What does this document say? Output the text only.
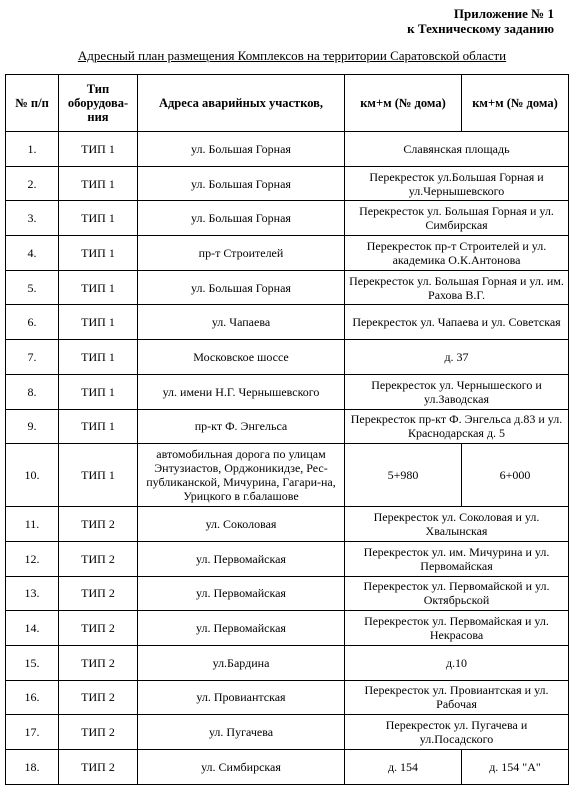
Приложение № 1
к Техническому заданию
Адресный план размещения Комплексов на территории Саратовской области
№ п/п	Тип оборудова-ния	Адреса аварийных участков,	км+м (№ дома)	км+м (№ дома)
1.	ТИП 1	ул. Большая Горная	Славянская площадь	
2.	ТИП 1	ул. Большая Горная	Перекресток ул.Большая Горная и ул.Чернышевского	
3.	ТИП 1	ул. Большая Горная	Перекресток ул. Большая Горная и ул. Симбирская	
4.	ТИП 1	пр-т Строителей	Перекресток пр-т Строителей и ул. академика О.К.Антонова	
5.	ТИП 1	ул. Большая Горная	Перекресток ул. Большая Горная и ул. им. Рахова В.Г.	
6.	ТИП 1	ул. Чапаева	Перекресток ул. Чапаева и ул. Советская	
7.	ТИП 1	Московское шоссе	д. 37	
8.	ТИП 1	ул. имени Н.Г. Чернышевского	Перекресток ул. Чернышеского и ул.Заводская	
9.	ТИП 1	пр-кт Ф. Энгельса	Перекресток пр-кт Ф. Энгельса д.83 и ул. Краснодарская д. 5	
10.	ТИП 1	автомобильная дорога по улицам Энтузиастов, Орджоникидзе, Рес-публиканской, Мичурина, Гагари-на, Урицкого в г.балашове	5+980	6+000
11.	ТИП 2	ул. Соколовая	Перекресток ул. Соколовая и ул. Хвалынская	
12.	ТИП 2	ул. Первомайская	Перекресток ул. им. Мичурина и ул. Первомайская	
13.	ТИП 2	ул. Первомайская	Перекресток ул. Первомайской и ул. Октябрьской	
14.	ТИП 2	ул. Первомайская	Перекресток ул. Первомайская и ул. Некрасова	
15.	ТИП 2	ул.Бардина	д.10	
16.	ТИП 2	ул. Провиантская	Перекресток ул. Провиантская и ул. Рабочая	
17.	ТИП 2	ул. Пугачева	Перекресток ул. Пугачева и ул.Посадского	
18.	ТИП 2	ул. Симбирская	д. 154	д. 154 "А"
